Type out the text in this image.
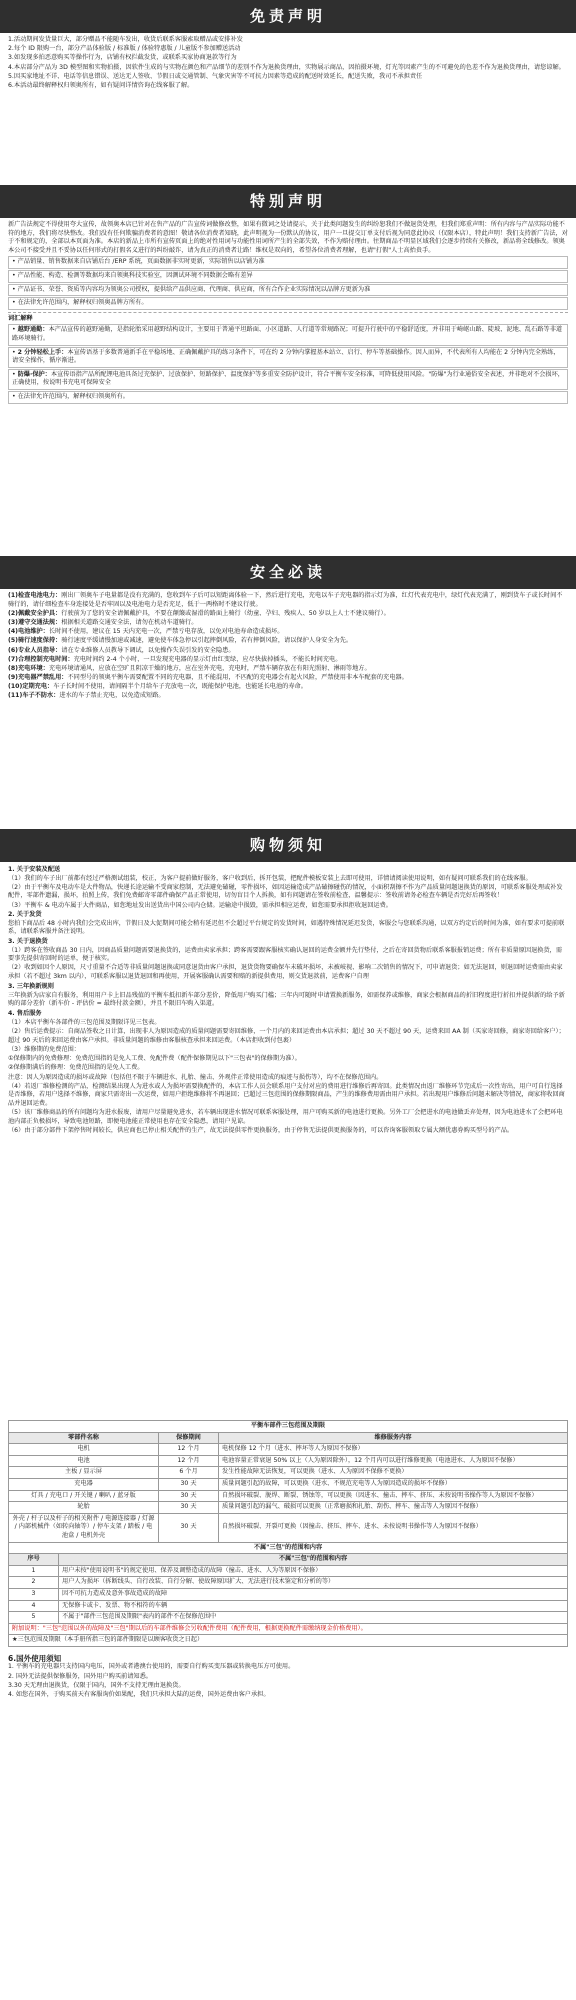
免责声明

1.活动期间发货量巨大，部分赠品不能随车发出，收货后联系客服索取赠品或安排补发

2.每个 ID 限购一台，部分产品体验版 / 标准版 / 体验特惠版 / 儿童版不参加赠送活动

3.如发现多拍恶意购买等操作行为，店铺有权拦截发货，或联系买家协商退款等行为

4.本店部分产品为 3D 模型图和实物拍摄，因软件生成的与实物在颜色和产品细节的差别不作为退换货理由，实物展示商品，因拍摄环境，灯光等因素产生的不可避免的色差不作为退换货理由，请您谅解。

5.因买家地址不详、电话等信息错误、送达无人签收、节假日或交通管制、气象灾害等不可抗力因素等造成的配送时效延长，配送失败，我司不承担责任

6.本活动最终解释权归领奥所有，如有疑问详情咨询在线客服了解。

特别声明

新广告法规定不得使用夸大宣传，故领奥本店已针对在售产品的广告宣传词做修改整，如果有微词之处请提示，关于此类问题发生的纠纷恕我们不做退货处理，但我们郑重声明：所有内容与产品实际功能不符的地方，我们将尽快整改。我们没有任何欺骗消费者的意图！敬请各位消费者知晓，此声明视为一份默认的协议，用户一旦提交订单支付后视为同意此协议（仅限本店），特此声明！我们支持新广告法，对于不和规定的，全部以本页面为准。本店的新品上市所有宣传页面上的绝对性用词与功能性用词所产生的全部失效，不作为赔付理由。往期商品不明显区域我们会逐步持续有关修改，新品将全线修改。领奥本公司不接受并且不妥协以任何形式的打假名义进行的纠纷敲诈，请为真正的消费者让路！维权是双向的，希望各位消费者理解，也请"打假"人士高抬贵手。

• 产品销量、销售数据来自店铺后台 /ERP 系统，页面数据非实时更新，实际销售以店铺为准
• 产品性能、构造、检测等数据均来自领奥科技实验室，因测试环境不同数据会略有差异
• 产品证书、荣誉、资质等内容均为领奥公司授权，提供给产品供应商、代理商、供应商，所有合作企业实际情况以品牌方更新为准
• 在法律允许范围内，解释权归领奥品牌方所有。
词汇解释
• 越野通勤：本产品宣传的越野通勤，是指轮胎采用越野结构设计，主要用于普通平坦路面、小区道路、人行道等常规路况；可提升行驶中的平稳舒适度，并非用于崎岖山路、陡坡、泥地、乱石路等非道路环境骑行。
• 2 分钟轻松上手：本宣传语基于多数普通新手在平稳场地、正确佩戴护具的练习条件下，可在约 2 分钟内掌握基本站立、启行、停车等基础操作。因人而异，不代表所有人均能在 2 分钟内完全熟练，请安全操作，循序渐进。
• 防爆·保护：本宣传语指产品所配锂电池具备过充保护、过放保护、短路保护、温度保护等多重安全防护设计，符合平衡车安全标准，可降低使用风险。"防爆"为行业通俗安全表述，并非绝对不会损坏，正确使用，按说明书充电可保障安全
• 在法律允许范围内，解释权归领奥所有。
安全必读

(1)检查电池电力：刚出厂领奥车子电量都是没有充满的，您收到车子后可以短距离体验一下，然后进行充电，充电以车子充电器的指示灯为准，红灯代表充电中，绿灯代表充满了，刚到货车子或长时间不骑行的，请仔细检查车身连接处是否牢固以及电池电力是否充足，低于一两格时不建议行驶。

(2)佩戴安全护具：行驶前为了您的安全请佩戴护具，不要在颠簸或湿滑的路面上骑行（幼童、孕妇、残疾人、50 岁以上人士不建议骑行）。

(3)遵守交通法规：根据相关道路交通安全法，请勿在机动车道骑行。

(4)电池维护：长时间不使用，建议在 15 天内充电一次，严禁亏电存放，以免对电池寿命造成损坏。

(5)骑行速度保持：骑行速度平缓请慢加速或减速，避免使车体急停以引起摔倒风险，若有摔倒风险，请以保护人身安全为先。

(6)专业人员指导：请在专业维修人员教导下调试，以免操作失误引发的安全隐患。

(7)合理控制充电时间：充电时间约 2-4 个小时，一旦发现充电器的显示灯由红变绿，应尽快拔掉插头，不能长时间充电。

(8)充电环境：充电环境请通风，应放在空旷且阴凉干燥的地方，应在室外充电，充电时，严禁车辆存放在有阳光照射、淋雨等地方。

(9)充电器严禁乱用：不同型号的领奥平衡车需要配置不同的充电器，且不能混用，不匹配的充电器会有起火风险，严禁使用非本车配套的充电器。

(10)定期充电：车子长时间不使用，请间隔半个月给车子充放电一次，既能保护电池，也能延长电池的寿命。

(11)车子不防水：进水的车子禁止充电，以免造成短路。

购物须知
1. 关于安装及配送

（1）我们的车子出厂前都有经过严格测试组装，校正，为客户提前做好服务，客户收到后，拆开包装，把配件模板安装上去即可使用，详情请阅读使用说明，如有疑问可联系我们的在线客服。

（2）由于平衡车及电动车是大件物品，快递长途运输不受商家控制，无法避免磕碰，零件损坏，如因运输造成产品磕擦碰伤的情况，小面积刮擦不作为产品质量问题退换货的原因，可联系客服处理或补发配件，零部件遗漏，损坏，拍照上传，我们免费邮寄零部件确保产品正常使用，切勿盲目个人拆换，如有问题请在签收前检查，温馨提示：签收前请务必检查车辆是否完好后再签收！

（3）平衡车 & 电动车属于大件商品，如您地址发出送货出中国公司内仓储。运输途中损毁，需承担相应运费，如您需要承担拒收退回运费。

2. 关于发货

您拍下商品后 48 小时内我们会完成出库，节假日及大促期间可能会稍有延迟但不会超过平台规定的发货时间，如遇特殊情况延迟发货，客服会与您联系沟通，以双方约定后的时间为准，如有要求可提前联系，请联系客服并备注说明。

3. 关于退换货

（1）跨客在签收商品 30 日内，因商品质量问题需要退换货的，运费由卖家承担；跨客需要跟客服核实确认退回的运费金额并先行垫付，之后在寄回货物后联系客服报销运费；所有非质量原因退换货，需要事先提供寄回时的运单，便于核实。

（2）收到如因个人原因，尺寸重量不合适等非质量问题退换或同意退货由客户承担，退货货物要确保车未破坏损坏，未被岐视、影响二次销售的情况下，可申请退货；如无法退回，则退回时运费需由卖家承担（若不超过 3km 以内），可联系客服以退货退回和再使用，开展客服确认需要和赔的新提供费用，则交货退款前，运费客户自理

3. 三年换新规则

三年换新为店家自有服务，利用用户卡上旧品残值的平衡车抵扣新车部分差价，降低用户购买门槛；三年内可随时申请置换新服务，如需保养或维修，商家会根据商品的折旧程度进行折扣并提供新的给予新购的部分差价（新车价 - 评估价 = 最终付款金额），并且不限旧车购入渠道。

4. 售后服务

（1）本店平衡车各部件的三包范围及期限详见三包表。

（2）售后运费提示：自商品签收之日计算，出现非人为原因造成的质量问题需要寄回维修，一个月内的来回运费由本店承担；超过 30 天不超过 90 天，运费来回 AA 制（买家寄回修，商家寄回给客户）；超过 90 天后的来回运费由客户承担。非质量问题的维修由客服核查承担来回运费。（本店拒收到付包裹）

（3）维修期的免费范围：

①保修期内的免费修理：免费范围指的是免人工费、免配件费（配件保修期见以下"三包表"的保修期为准）。

②保修期满后的修理：免费范围指的是免人工费。

注意：因人为原因造成的损坏或故障（包括但不限于车辆进水、扎胎、撞击、外观伴正常使用造成的痕迹与损伤等），均不在保修范围内。

（4）若返厂维修检测的产品，检测结果出现人为进水或人为损坏需要换配件的，本店工作人员会联系用户支付对应的费用进行维修后再寄回。此类情况由返厂维修环节完成后一次性寄出，用户可自行选择是否维修，若用户选择不维修，商家只需寄出一次运费，如用户拒绝维修将不再退回；已超过三包范围的保修期限商品，产生的维修费用需由用户承担。若出现用户维修后问题未解决等情况，商家将收回商品并退回运费。

（5）该厂维修商品的所有问题均为进水报废，请用户尽量避免进水，若车辆出现进水情况可联系客服处理，用户可购买新的电池进行更换。另外工厂会把进水的电池做丢弃处理，因为电池进水了会把环电池内部正负极损坏，导致电池短路，即便电池能正常使用也存在安全隐患，请用户见谅。

（6）由于部分部件下架停售时间较长，供应商也已停止相关配件的生产，故无法提供零件更换服务，由于停售无法提供更换服务的，可以咨询客服领取专属大额优惠券购买型号的产品。

平衡车部件三包范围及期限		
零部件名称	保修期间	维修服务内容
电机	12 个月	电机保修 12 个月（进水、摔坏等人为原因不保修）
电池	12 个月	电池容量正常衰退 50% 以上（人为原因除外），12 个月内可以进行维修更换（电池进水、人为原因不保修）
主板 / 显示屏	6 个月	发生性能故障无法恢复，可以更换（进水、人为原因不保修不更换）
充电器	30 天	质量问题引起的故障，可以更换（进水、不规范充电等人为原因造成的损坏不保修）
灯具 / 充电口 / 开关键 / 喇叭 / 蓝牙版	30 天	自然损坏破裂、脱焊、断裂、锈蚀等，可以更换（因进水、撞击、摔车、挤压、未按说明书操作等人为原因不保修）
轮胎	30 天	质量问题引起的漏气、破损可以更换（正常磨损和扎胎、刮伤、摔车、撞击等人为原因不保修）
外壳 / 杆子以及杆子的相关附件 / 电源连接器 / 灯源 / 内部机械件（如转向轴等）/ 停车支架 / 踏板 / 电池盒 / 电机外壳	30 天	自然损坏破裂、开裂可更换（因撞击、挤压、摔车、进水、未按说明书操作等人为原因不保修）
不属"三包"的范围和内容		
序号	不属"三包"的范围和内容
1	用户未按"使用说明书"的规定使用、保养及调整造成的故障（撞击、进水、人为等原因不保修）
2	用户人为损坏（拆断线头、自行改装、自行分解、使故障原因扩大、无法进行技术鉴定和分析的等）
3	因不可抗力造成及意外事故造成的故障
4	无保修卡或卡、发票、物不相符的车辆
5	不属于"部件三包范围及期限"表内的部件不在保修范围中
附加说明："三包"范围以外的故障及"三包"期以后的车部件维修会另收配件费用（配件费用，根据更换配件需缴纳现金价格费用）。	
★三包范围及期限（本手册所指三包的部件期限是以顾客收货之日起）	
6.国外使用须知

1. 平衡车的充电器只支持国内电压，国外或者港澳台使用的，需要自行购买变压器或转换电压方可使用。

2. 国外无法提供保修服务，国外用户购买前请知悉。

3.30 天无理由退换货，仅限于国内，国外不支持无理由退换货。

4. 如您在国外，于购买前天有客服询价如果配，我们只承担大陆的运费，国外运费由客户承担。
